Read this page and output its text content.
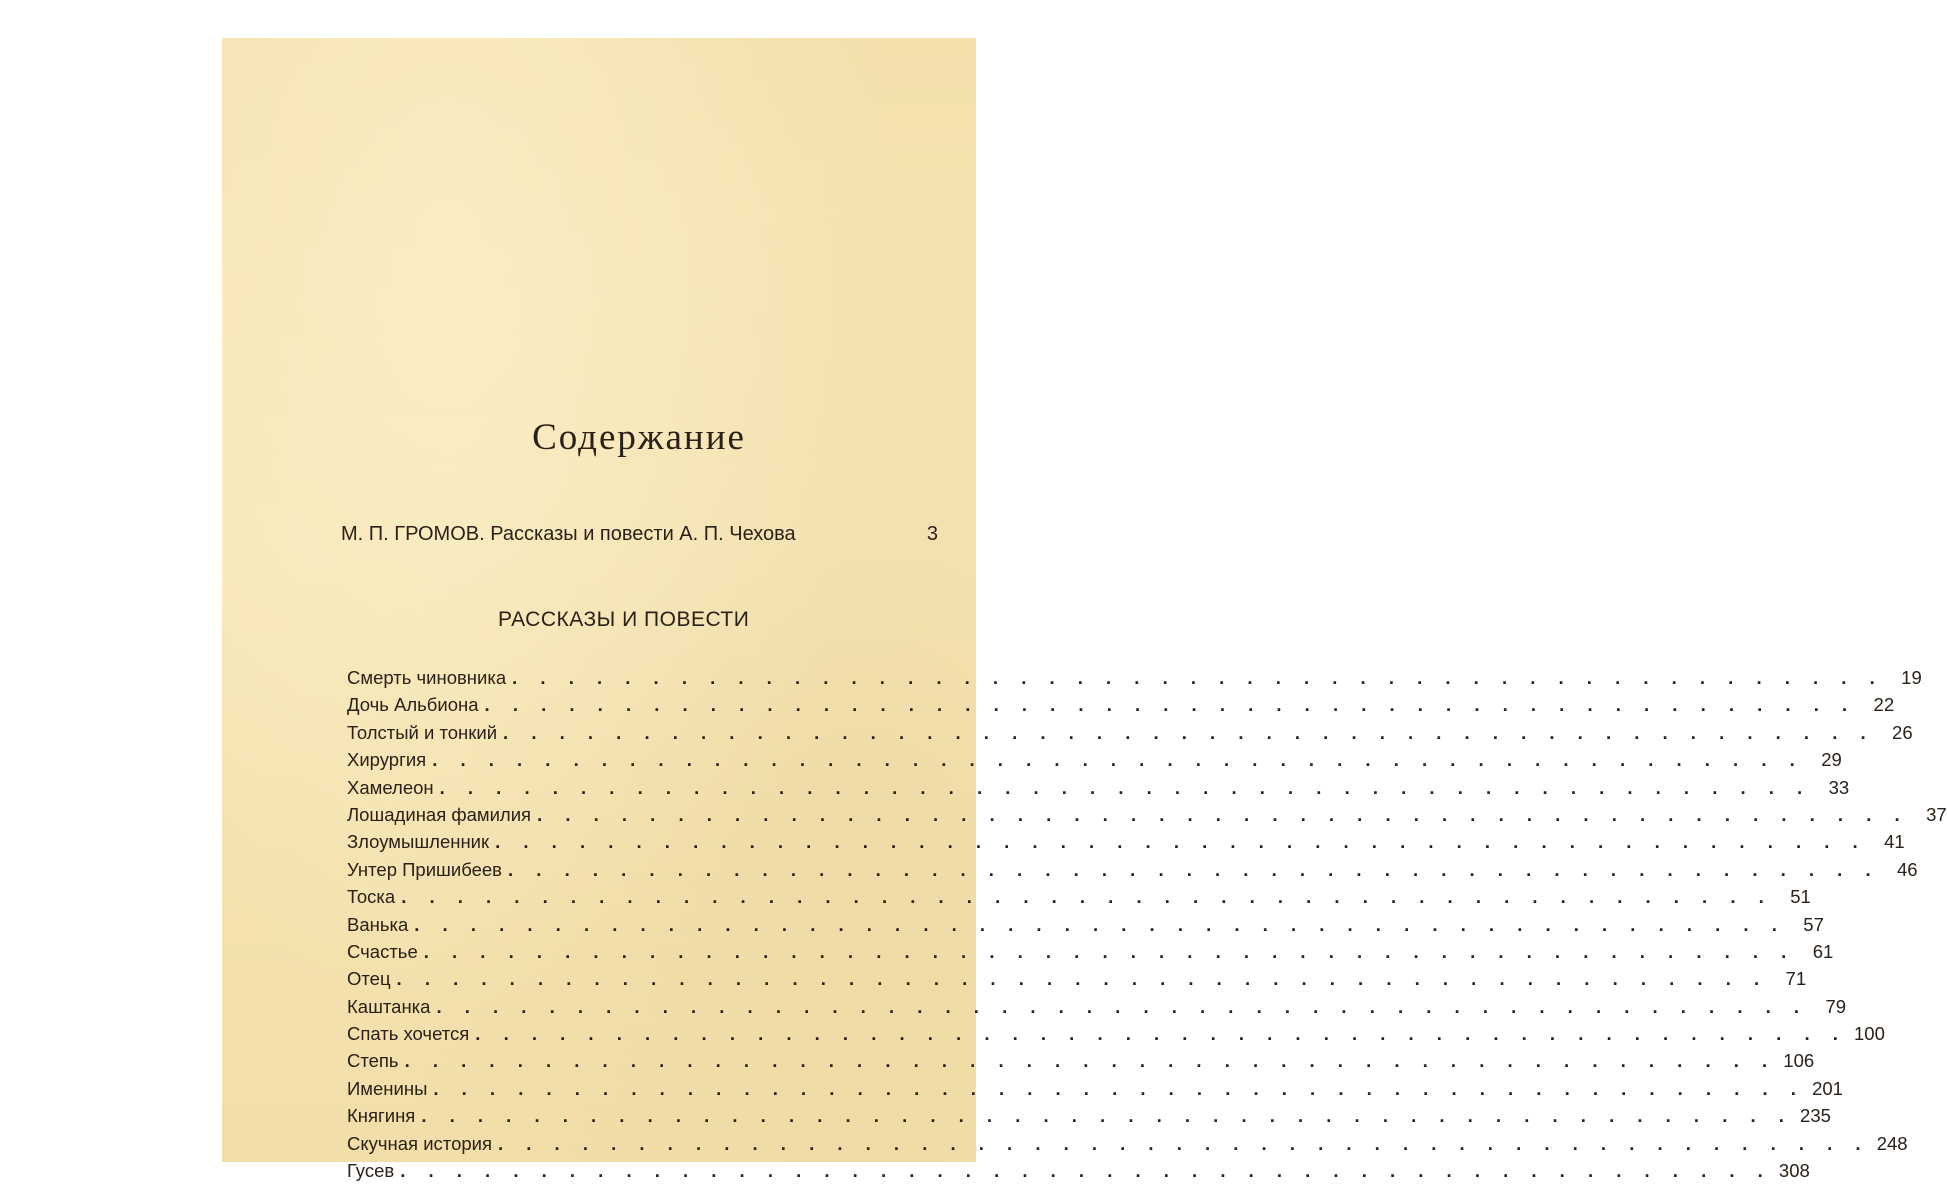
Содержание
М. П. ГРОМОВ. Рассказы и повести А. П. Чехова	3
РАССКАЗЫ И ПОВЕСТИ
Смерть чиновника . . .	19
Дочь Альбиона . . .	22
Толстый и тонкий . . .	26
Хирургия . . .	29
Хамелеон . . .	33
Лошадиная фамилия . . .	37
Злоумышленник . . .	41
Унтер Пришибеев . . .	46
Тоска . . .	51
Ванька . . .	57
Счастье . . .	61
Отец . . .	71
Каштанка . . .	79
Спать хочется . . .	100
Степь . . .	106
Именины . . .	201
Княгиня . . .	235
Скучная история . . .	248
Гусев . . .	308
